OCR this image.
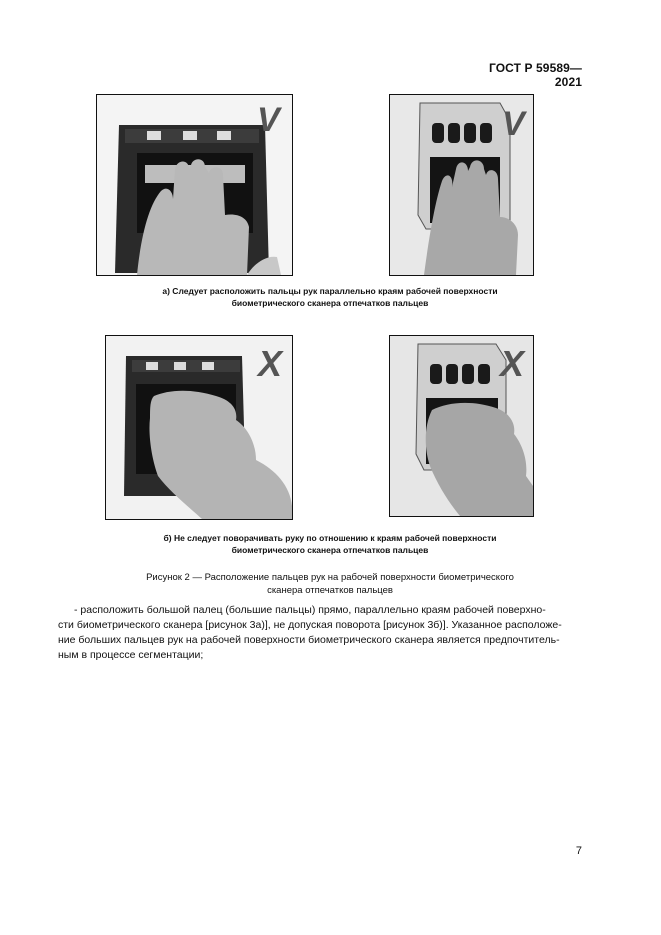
ГОСТ Р 59589—2021
V	V
а) Следует расположить пальцы рук параллельно краям рабочей поверхности
биометрического сканера отпечатков пальцев
X	X
б) Не следует поворачивать руку по отношению к краям рабочей поверхности
биометрического сканера отпечатков пальцев
Рисунок 2 — Расположение пальцев рук на рабочей поверхности биометрического
сканера отпечатков пальцев
- расположить большой палец (большие пальцы) прямо, параллельно краям рабочей поверхно-
сти биометрического сканера [рисунок 3а)], не допуская поворота [рисунок 3б)]. Указанное расположе-
ние больших пальцев рук на рабочей поверхности биометрического сканера является предпочтитель-
ным в процессе сегментации;
7
